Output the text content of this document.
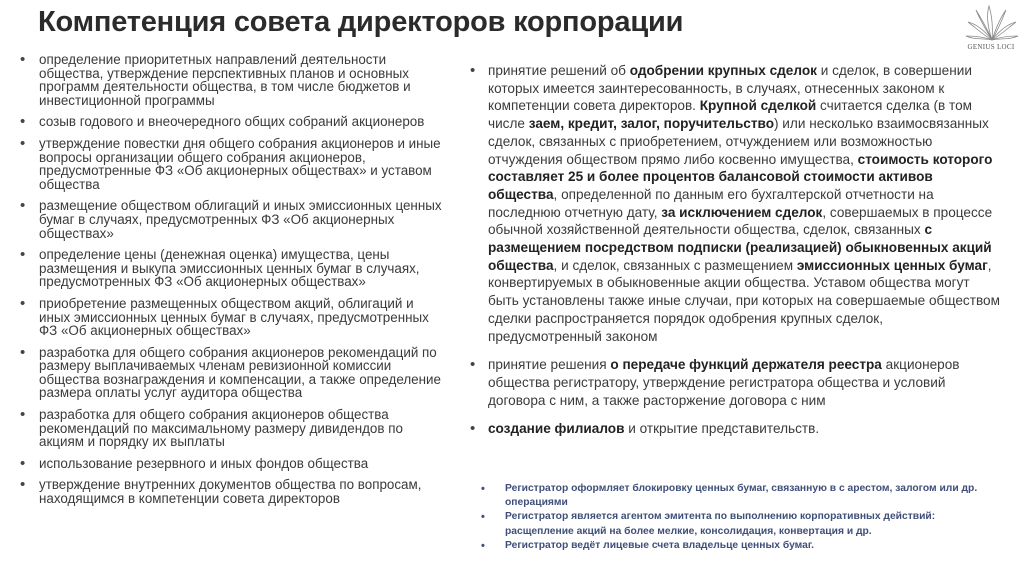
Компетенция совета директоров корпорации
GENIUS LOCI
• определение приоритетных направлений деятельности общества, утверждение перспективных планов и основных программ деятельности общества, в том числе бюджетов и инвестиционной программы
• созыв годового и внеочередного общих собраний акционеров
• утверждение повестки дня общего собрания акционеров и иные вопросы организации общего собрания акционеров, предусмотренные ФЗ «Об акционерных обществах» и уставом общества
• размещение обществом облигаций и иных эмиссионных ценных бумаг в случаях, предусмотренных ФЗ «Об акционерных обществах»
• определение цены (денежная оценка) имущества, цены размещения и выкупа эмиссионных ценных бумаг в случаях, предусмотренных ФЗ «Об акционерных обществах»
• приобретение размещенных обществом акций, облигаций и иных эмиссионных ценных бумаг в случаях, предусмотренных ФЗ «Об акционерных обществах»
• разработка для общего собрания акционеров рекомендаций по размеру выплачиваемых членам ревизионной комиссии общества вознаграждения и компенсации, а также определение размера оплаты услуг аудитора общества
• разработка для общего собрания акционеров общества рекомендаций по максимальному размеру дивидендов по акциям и порядку их выплаты
• использование резервного и иных фондов общества
• утверждение внутренних документов общества по вопросам, находящимся в компетенции совета директоров
• принятие решений об одобрении крупных сделок и сделок, в совершении которых имеется заинтересованность, в случаях, отнесенных законом к компетенции совета директоров. Крупной сделкой считается сделка (в том числе заем, кредит, залог, поручительство) или несколько взаимосвязанных сделок, связанных с приобретением, отчуждением или возможностью отчуждения обществом прямо либо косвенно имущества, стоимость которого составляет 25 и более процентов балансовой стоимости активов общества, определенной по данным его бухгалтерской отчетности на последнюю отчетную дату, за исключением сделок, совершаемых в процессе обычной хозяйственной деятельности общества, сделок, связанных с размещением посредством подписки (реализацией) обыкновенных акций общества, и сделок, связанных с размещением эмиссионных ценных бумаг, конвертируемых в обыкновенные акции общества. Уставом общества могут быть установлены также иные случаи, при которых на совершаемые обществом сделки распространяется порядок одобрения крупных сделок, предусмотренный законом
• принятие решения о передаче функций держателя реестра акционеров общества регистратору, утверждение регистратора общества и условий договора с ним, а также расторжение договора с ним
• создание филиалов и открытие представительств.
• Регистратор оформляет блокировку ценных бумаг, связанную в с арестом, залогом или др. операциями
• Регистратор является агентом эмитента по выполнению корпоративных действий: расщепление акций на более мелкие, консолидация, конвертация и др.
• Регистратор ведёт лицевые счета владельце ценных бумаг.
